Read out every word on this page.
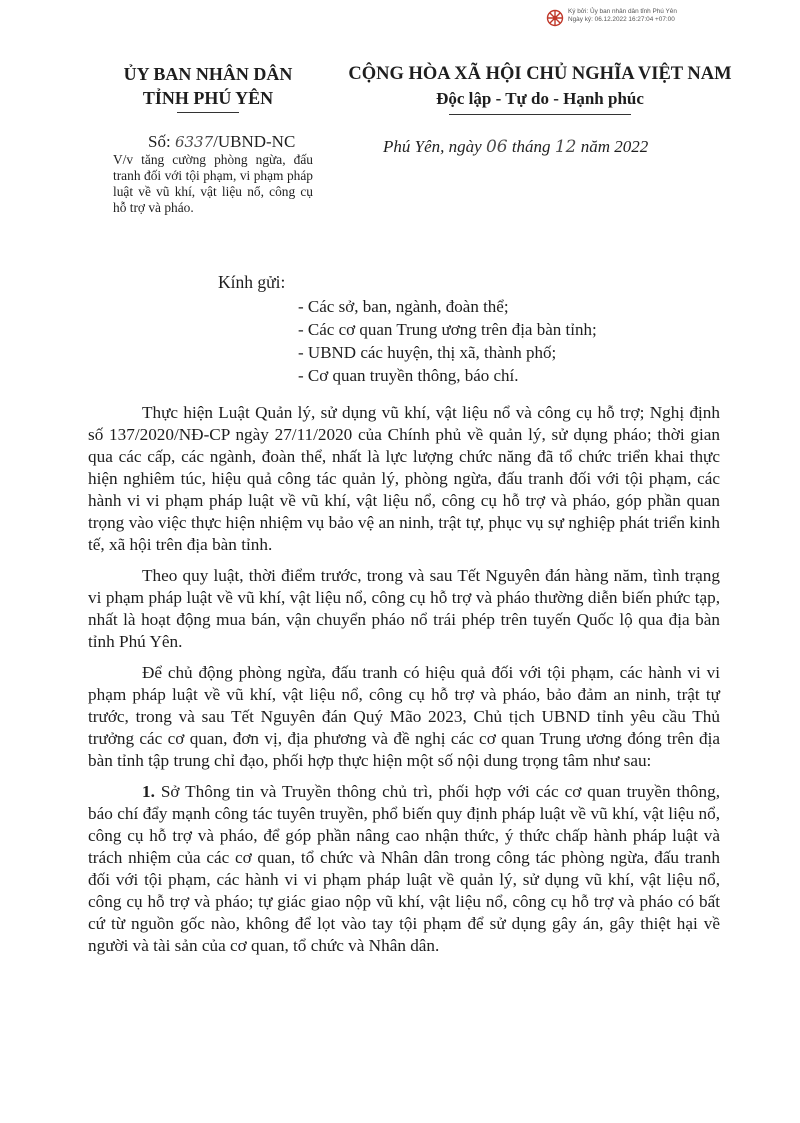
Ký bởi: Ủy ban nhân dân tỉnh Phú Yên
Ngày ký: 06.12.2022 16:27:04 +07:00
ỦY BAN NHÂN DÂN
TỈNH PHÚ YÊN
CỘNG HÒA XÃ HỘI CHỦ NGHĨA VIỆT NAM
Độc lập - Tự do - Hạnh phúc
Số: 6337/UBND-NC
V/v tăng cường phòng ngừa, đấu tranh đối với tội phạm, vi phạm pháp luật về vũ khí, vật liệu nổ, công cụ hỗ trợ và pháo.
Phú Yên, ngày 06 tháng 12 năm 2022
Kính gửi:
- Các sở, ban, ngành, đoàn thể;
- Các cơ quan Trung ương trên địa bàn tỉnh;
- UBND các huyện, thị xã, thành phố;
- Cơ quan truyền thông, báo chí.

Thực hiện Luật Quản lý, sử dụng vũ khí, vật liệu nổ và công cụ hỗ trợ; Nghị định số 137/2020/NĐ-CP ngày 27/11/2020 của Chính phủ về quản lý, sử dụng pháo; thời gian qua các cấp, các ngành, đoàn thể, nhất là lực lượng chức năng đã tổ chức triển khai thực hiện nghiêm túc, hiệu quả công tác quản lý, phòng ngừa, đấu tranh đối với tội phạm, các hành vi vi phạm pháp luật về vũ khí, vật liệu nổ, công cụ hỗ trợ và pháo, góp phần quan trọng vào việc thực hiện nhiệm vụ bảo vệ an ninh, trật tự, phục vụ sự nghiệp phát triển kinh tế, xã hội trên địa bàn tỉnh.

Theo quy luật, thời điểm trước, trong và sau Tết Nguyên đán hàng năm, tình trạng vi phạm pháp luật về vũ khí, vật liệu nổ, công cụ hỗ trợ và pháo thường diễn biến phức tạp, nhất là hoạt động mua bán, vận chuyển pháo nổ trái phép trên tuyến Quốc lộ qua địa bàn tỉnh Phú Yên.

Để chủ động phòng ngừa, đấu tranh có hiệu quả đối với tội phạm, các hành vi vi phạm pháp luật về vũ khí, vật liệu nổ, công cụ hỗ trợ và pháo, bảo đảm an ninh, trật tự trước, trong và sau Tết Nguyên đán Quý Mão 2023, Chủ tịch UBND tỉnh yêu cầu Thủ trưởng các cơ quan, đơn vị, địa phương và đề nghị các cơ quan Trung ương đóng trên địa bàn tỉnh tập trung chỉ đạo, phối hợp thực hiện một số nội dung trọng tâm như sau:

1. Sở Thông tin và Truyền thông chủ trì, phối hợp với các cơ quan truyền thông, báo chí đẩy mạnh công tác tuyên truyền, phổ biến quy định pháp luật về vũ khí, vật liệu nổ, công cụ hỗ trợ và pháo, để góp phần nâng cao nhận thức, ý thức chấp hành pháp luật và trách nhiệm của các cơ quan, tổ chức và Nhân dân trong công tác phòng ngừa, đấu tranh đối với tội phạm, các hành vi vi phạm pháp luật về quản lý, sử dụng vũ khí, vật liệu nổ, công cụ hỗ trợ và pháo; tự giác giao nộp vũ khí, vật liệu nổ, công cụ hỗ trợ và pháo có bất cứ từ nguồn gốc nào, không để lọt vào tay tội phạm để sử dụng gây án, gây thiệt hại về người và tài sản của cơ quan, tổ chức và Nhân dân.
